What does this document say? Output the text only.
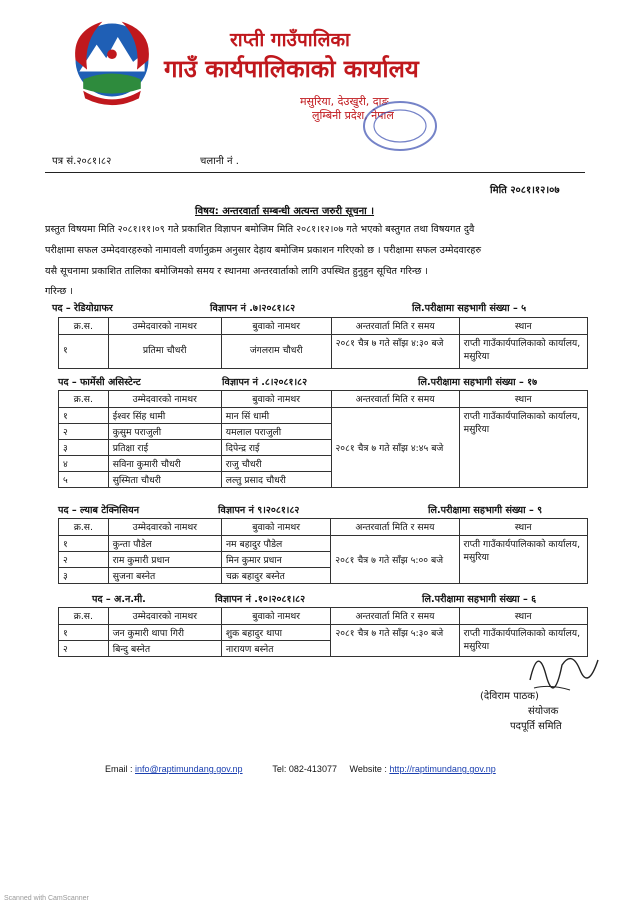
राप्ती गाउँपालिका
गाउँ कार्यपालिकाको कार्यालय
मसुरिया, देउखुरी, दाङ
लुम्बिनी प्रदेश, नेपाल
पत्र सं.२०८१।८२	चलानी नं .
मिति २०८१।१२।०७
विषय: अन्तरवार्ता सम्बन्धी अत्यन्त जरुरी सूचना ।
प्रस्तुत विषयमा मिति २०८१।११।०९ गते प्रकाशित विज्ञापन बमोजिम मिति २०८१।१२।०७ गते भएको बस्तुगत तथा विषयगत दुवै
परीक्षामा सफल उम्मेदवारहरुको नामावली वर्णानुक्रम अनुसार देहाय बमोजिम प्रकाशन गरिएको छ । परीक्षामा सफल उम्मेदवारहरु
यसै सूचनामा प्रकाशित तालिका बमोजिमको समय र स्थानमा अन्तरवार्ताको लागि उपस्थित हुनुहुन सूचित गरिन्छ ।
गरिन्छ ।
पद – रेडियोग्राफर	विज्ञापन नं .७।२०८१।८२	लि.परीक्षामा सहभागी संख्या – ५
क्र.स.	उम्मेदवारको नामथर	बुवाको नामथर	अन्तरवार्ता मिति र समय	स्थान
१	प्रतिमा चौधरी	जंगलराम चौधरी	२०८१ चैत्र ७ गते साँझ ४:३० बजे	राप्ती गाउँकार्यपालिकाको कार्यालय, मसुरिया
पद – फार्मेसी असिस्टेन्ट	विज्ञापन नं .८।२०८१।८२	लि.परीक्षामा सहभागी संख्या – १७
क्र.स.	उम्मेदवारको नामथर	बुवाको नामथर	अन्तरवार्ता मिति र समय	स्थान
१	ईश्वर सिंह धामी	मान सिं धामी	२०८१ चैत्र ७ गते साँझ ४:४५ बजे	राप्ती गाउँकार्यपालिकाको कार्यालय, मसुरिया
२	कुसुम पराजुली	यमलाल पराजुली		
३	प्रतिक्षा राई	दिपेन्द्र राई		
४	सविना कुमारी चौधरी	राजु चौधरी		
५	सुस्मिता चौधरी	लल्तु प्रसाद चौधरी		
पद – ल्याब टेक्निसियन	विज्ञापन नं ९।२०८१।८२	लि.परीक्षामा सहभागी संख्या – ९
क्र.स.	उम्मेदवारको नामथर	बुवाको नामथर	अन्तरवार्ता मिति र समय	स्थान
१	कुन्ता पौडेल	नम बहादुर पौडेल	२०८१ चैत्र ७ गते साँझ ५:०० बजे	राप्ती गाउँकार्यपालिकाको कार्यालय, मसुरिया
२	राम कुमारी प्रधान	मिन कुमार प्रधान		
३	सुजना बस्नेत	चक्र बहादुर बस्नेत		
पद – अ.न.मी.	विज्ञापन नं .१०।२०८१।८२	लि.परीक्षामा सहभागी संख्या – ६
क्र.स.	उम्मेदवारको नामथर	बुवाको नामथर	अन्तरवार्ता मिति र समय	स्थान
१	जन कुमारी थापा गिरी	शुक बहादुर थापा	२०८१ चैत्र ७ गते साँझ ५:३० बजे	राप्ती गाउँकार्यपालिकाको कार्यालय, मसुरिया
२	बिन्दु बस्नेत	नारायण बस्नेत		
(देविराम पाठक)
संयोजक
पदपूर्ति समिति
Email : info@raptimundang.gov.np	Tel: 082-413077 Website : http://raptimundang.gov.np
Scanned with CamScanner
